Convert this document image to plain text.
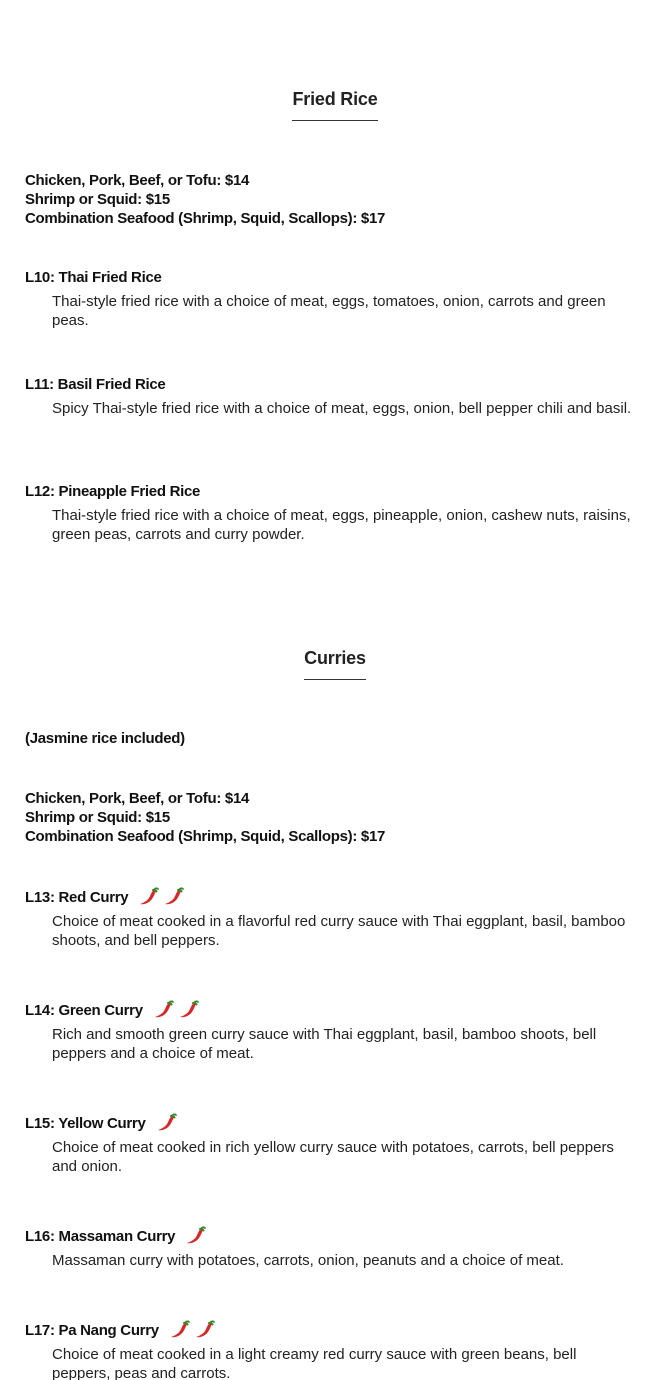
Fried Rice
Chicken, Pork, Beef, or Tofu: $14
Shrimp or Squid: $15
Combination Seafood (Shrimp, Squid, Scallops): $17
L10: Thai Fried Rice
Thai-style fried rice with a choice of meat, eggs, tomatoes, onion, carrots and green peas.
L11: Basil Fried Rice
Spicy Thai-style fried rice with a choice of meat, eggs, onion, bell pepper chili and basil.
L12: Pineapple Fried Rice
Thai-style fried rice with a choice of meat, eggs, pineapple, onion, cashew nuts, raisins, green peas, carrots and curry powder.
Curries
(Jasmine rice included)
Chicken, Pork, Beef, or Tofu: $14
Shrimp or Squid: $15
Combination Seafood (Shrimp, Squid, Scallops): $17
L13: Red Curry
Choice of meat cooked in a flavorful red curry sauce with Thai eggplant, basil, bamboo shoots, and bell peppers.
L14: Green Curry
Rich and smooth green curry sauce with Thai eggplant, basil, bamboo shoots, bell peppers and a choice of meat.
L15: Yellow Curry
Choice of meat cooked in rich yellow curry sauce with potatoes, carrots, bell peppers and onion.
L16: Massaman Curry
Massaman curry with potatoes, carrots, onion, peanuts and a choice of meat.
L17: Pa Nang Curry
Choice of meat cooked in a light creamy red curry sauce with green beans, bell peppers, peas and carrots.
